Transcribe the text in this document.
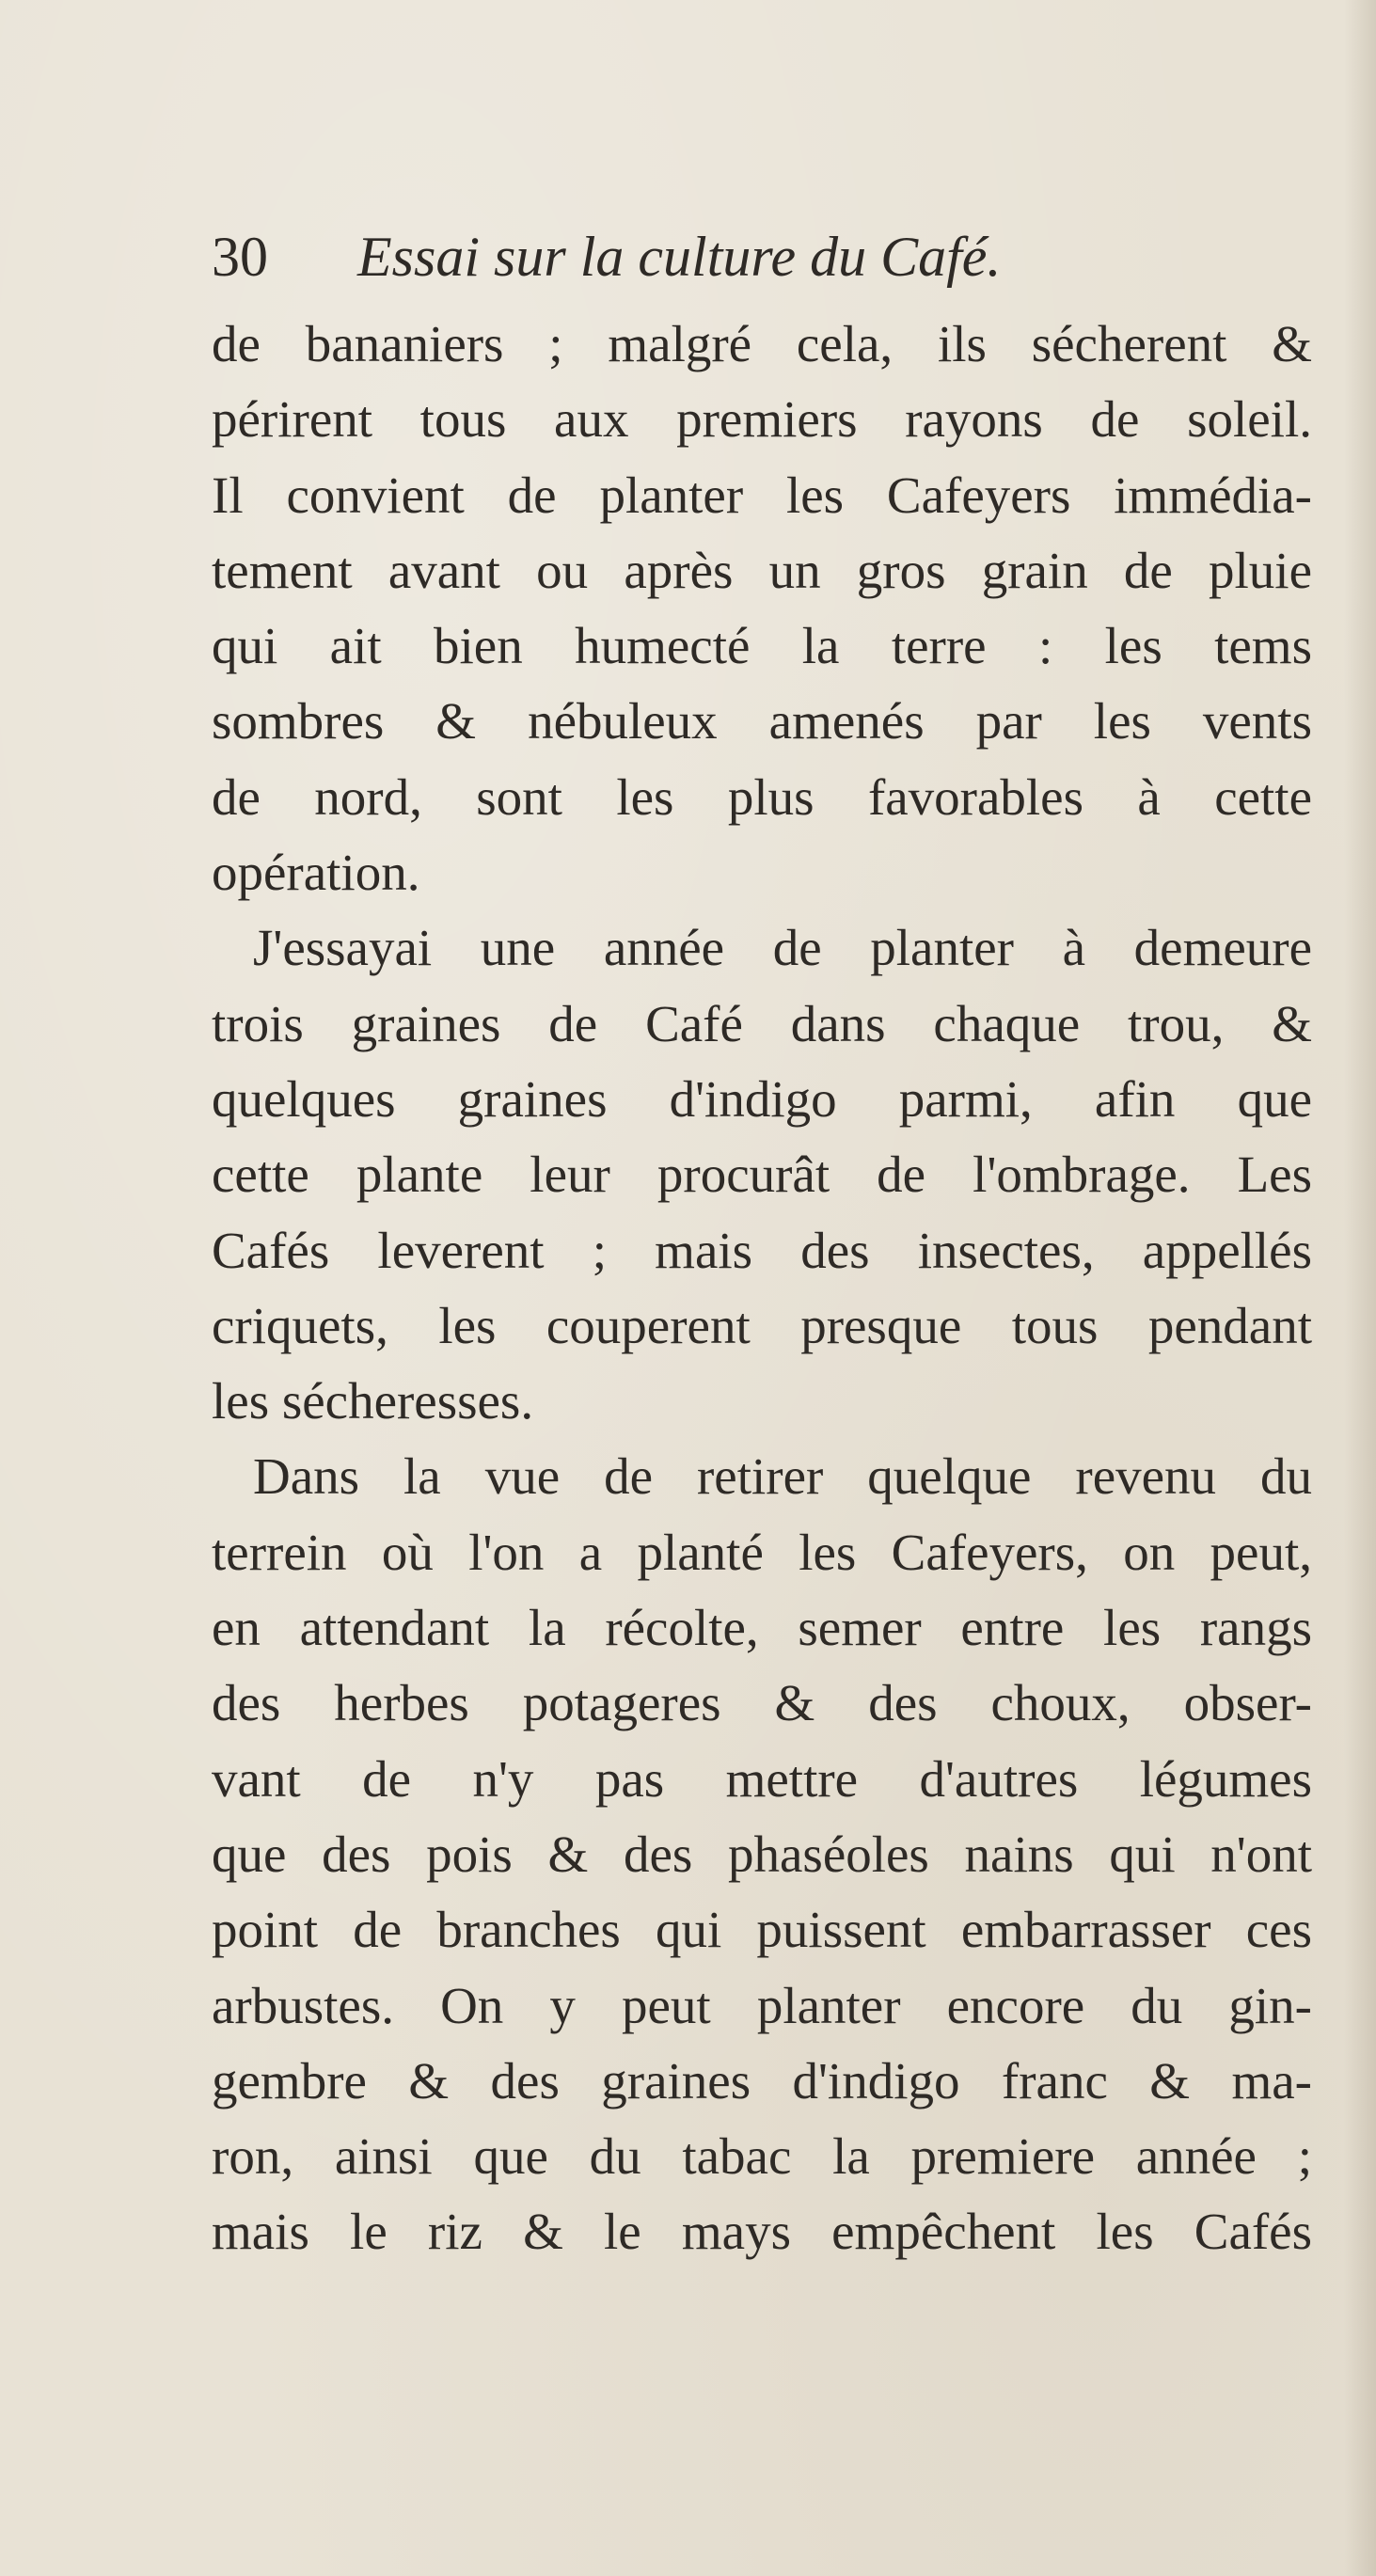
30 Essai sur la culture du Café.
de bananiers ; malgré cela, ils sécherent &
périrent tous aux premiers rayons de soleil.
Il convient de planter les Cafeyers immédia-
tement avant ou après un gros grain de pluie
qui ait bien humecté la terre : les tems
sombres & nébuleux amenés par les vents
de nord, sont les plus favorables à cette
opération.
J'essayai une année de planter à demeure
trois graines de Café dans chaque trou, &
quelques graines d'indigo parmi, afin que
cette plante leur procurât de l'ombrage. Les
Cafés leverent ; mais des insectes, appellés
criquets, les couperent presque tous pendant
les sécheresses.
Dans la vue de retirer quelque revenu du
terrein où l'on a planté les Cafeyers, on peut,
en attendant la récolte, semer entre les rangs
des herbes potageres & des choux, obser-
vant de n'y pas mettre d'autres légumes
que des pois & des phaséoles nains qui n'ont
point de branches qui puissent embarrasser ces
arbustes. On y peut planter encore du gin-
gembre & des graines d'indigo franc & ma-
ron, ainsi que du tabac la premiere année ;
mais le riz & le mays empêchent les Cafés
